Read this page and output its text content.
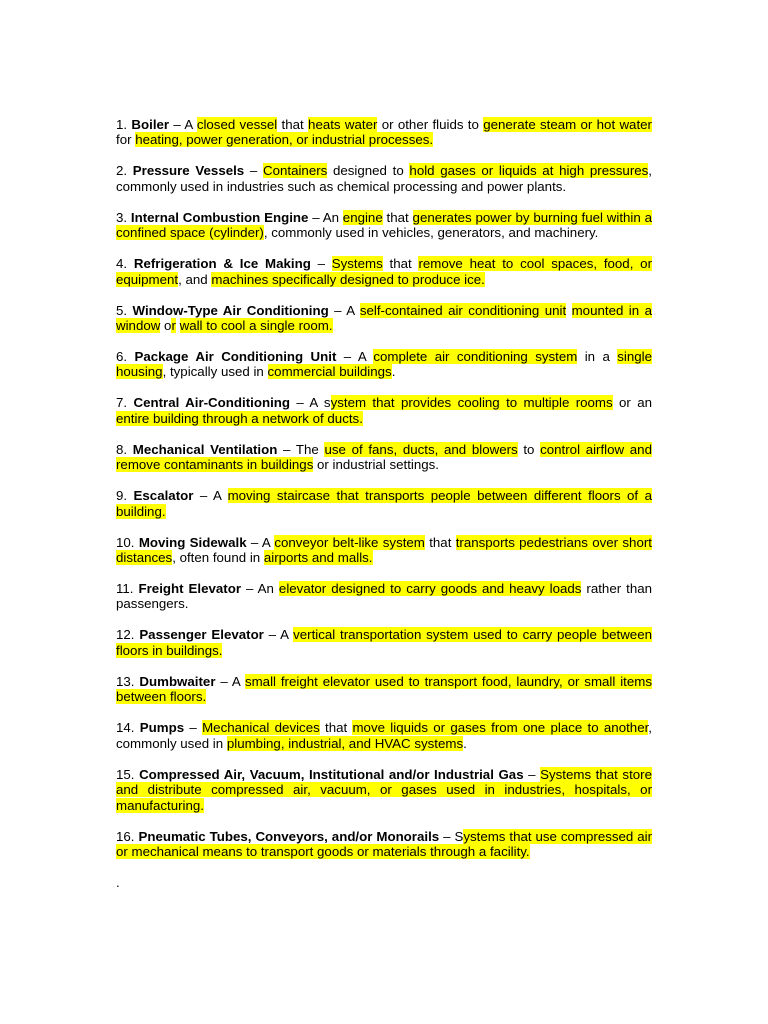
1. Boiler – A closed vessel that heats water or other fluids to generate steam or hot water for heating, power generation, or industrial processes.

2. Pressure Vessels – Containers designed to hold gases or liquids at high pressures, commonly used in industries such as chemical processing and power plants.

3. Internal Combustion Engine – An engine that generates power by burning fuel within a confined space (cylinder), commonly used in vehicles, generators, and machinery.

4. Refrigeration & Ice Making – Systems that remove heat to cool spaces, food, or equipment, and machines specifically designed to produce ice.

5. Window-Type Air Conditioning – A self-contained air conditioning unit mounted in a window or wall to cool a single room.

6. Package Air Conditioning Unit – A complete air conditioning system in a single housing, typically used in commercial buildings.

7. Central Air-Conditioning – A system that provides cooling to multiple rooms or an entire building through a network of ducts.

8. Mechanical Ventilation – The use of fans, ducts, and blowers to control airflow and remove contaminants in buildings or industrial settings.

9. Escalator – A moving staircase that transports people between different floors of a building.

10. Moving Sidewalk – A conveyor belt-like system that transports pedestrians over short distances, often found in airports and malls.

11. Freight Elevator – An elevator designed to carry goods and heavy loads rather than passengers.

12. Passenger Elevator – A vertical transportation system used to carry people between floors in buildings.

13. Dumbwaiter – A small freight elevator used to transport food, laundry, or small items between floors.

14. Pumps – Mechanical devices that move liquids or gases from one place to another, commonly used in plumbing, industrial, and HVAC systems.

15. Compressed Air, Vacuum, Institutional and/or Industrial Gas – Systems that store and distribute compressed air, vacuum, or gases used in industries, hospitals, or manufacturing.

16. Pneumatic Tubes, Conveyors, and/or Monorails – Systems that use compressed air or mechanical means to transport goods or materials through a facility.

.
